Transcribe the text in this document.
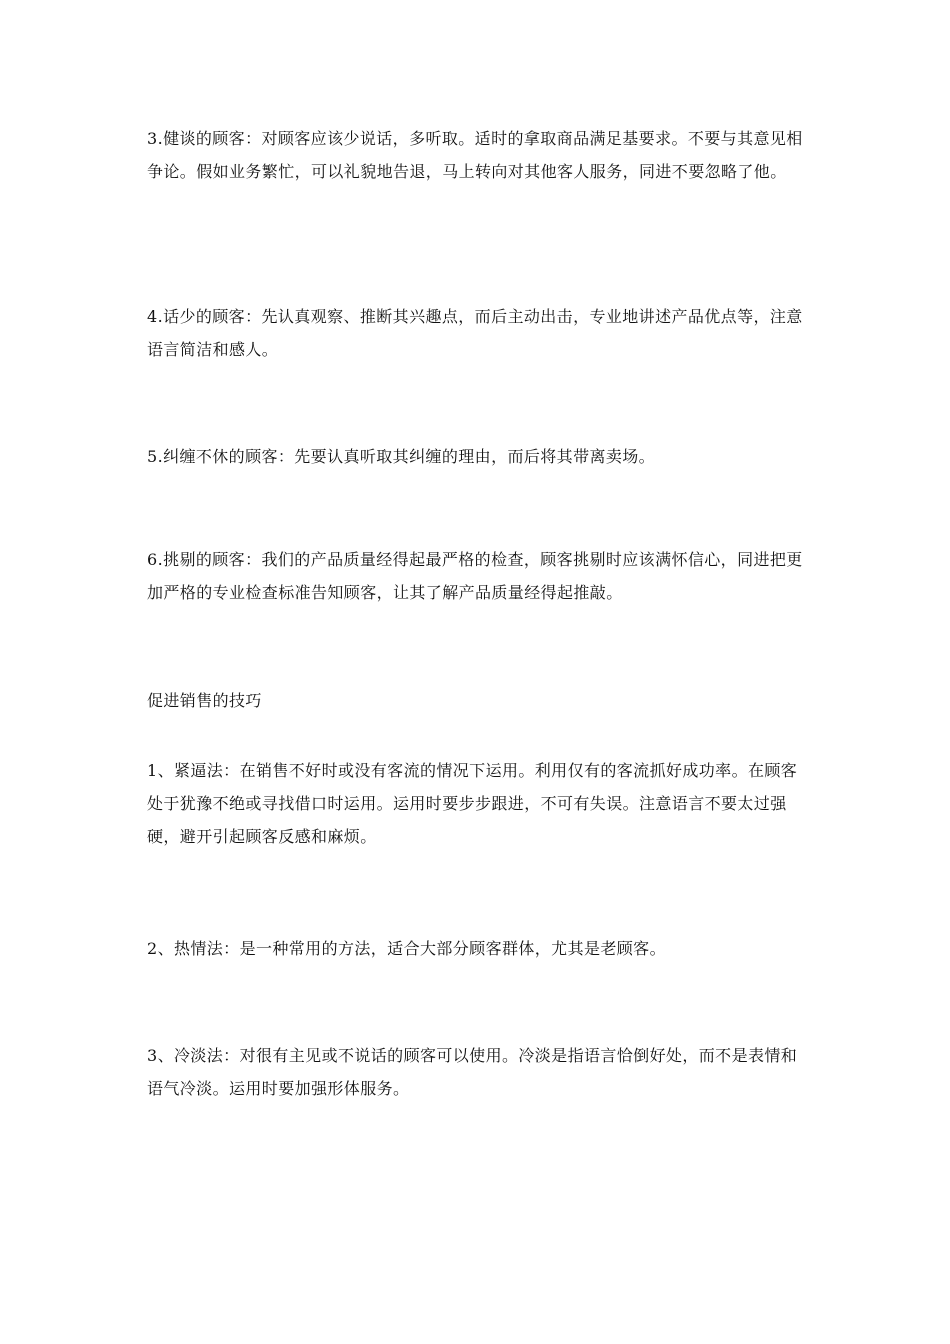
3.健谈的顾客：对顾客应该少说话，多听取。适时的拿取商品满足基要求。不要与其意见相争论。假如业务繁忙，可以礼貌地告退，马上转向对其他客人服务，同进不要忽略了他。

4.话少的顾客：先认真观察、推断其兴趣点，而后主动出击，专业地讲述产品优点等，注意语言简洁和感人。

5.纠缠不休的顾客：先要认真听取其纠缠的理由，而后将其带离卖场。

6.挑剔的顾客：我们的产品质量经得起最严格的检查，顾客挑剔时应该满怀信心，同进把更加严格的专业检查标准告知顾客，让其了解产品质量经得起推敲。

促进销售的技巧

1、紧逼法：在销售不好时或没有客流的情况下运用。利用仅有的客流抓好成功率。在顾客处于犹豫不绝或寻找借口时运用。运用时要步步跟进，不可有失误。注意语言不要太过强硬，避开引起顾客反感和麻烦。

2、热情法：是一种常用的方法，适合大部分顾客群体，尤其是老顾客。

3、冷淡法：对很有主见或不说话的顾客可以使用。冷淡是指语言恰倒好处，而不是表情和语气冷淡。运用时要加强形体服务。
